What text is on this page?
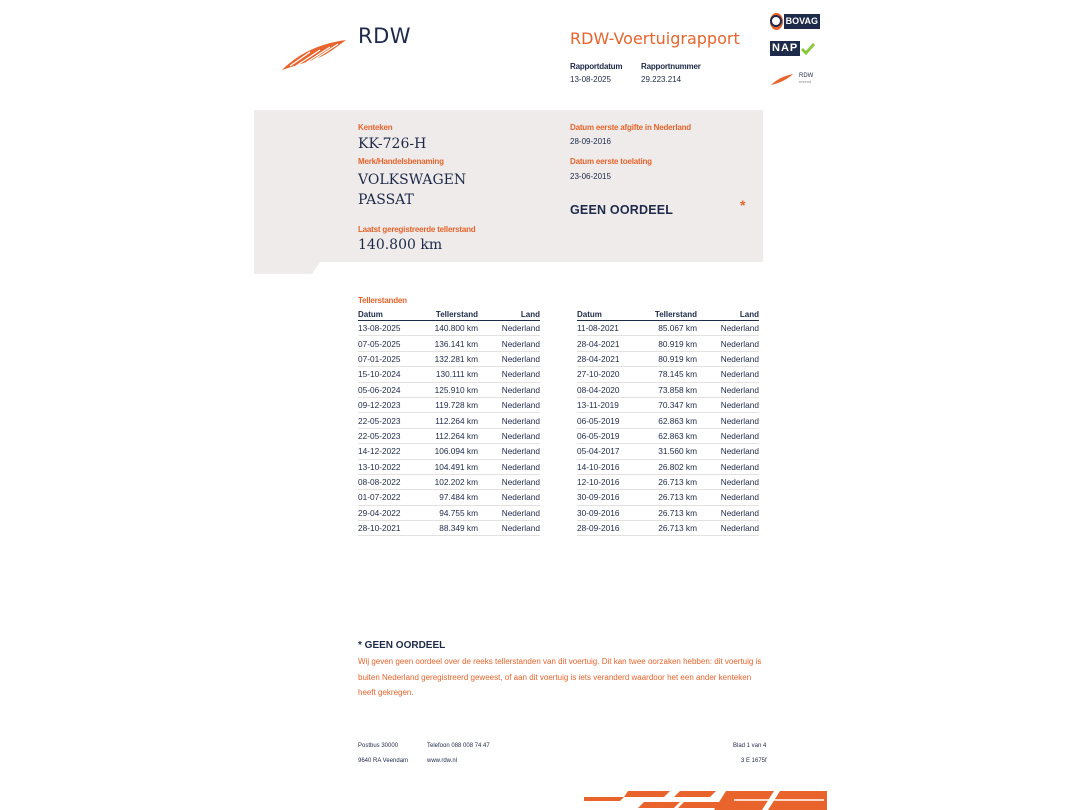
RDW	RDW-Voertuigrapport
Rapportdatum
13-08-2025
Rapportnummer
29.223.214
BOVAG
NAP
RDW
erkend
Kenteken
KK-726-H
Merk/Handelsbenaming
VOLKSWAGEN
PASSAT
Laatst geregistreerde tellerstand
140.800 km
Datum eerste afgifte in Nederland
28-09-2016
Datum eerste toelating
23-06-2015
GEEN OORDEEL	*
Tellerstanden
Datum	Tellerstand	Land
13-08-2025	140.800 km	Nederland
07-05-2025	136.141 km	Nederland
07-01-2025	132.281 km	Nederland
15-10-2024	130.111 km	Nederland
05-06-2024	125.910 km	Nederland
09-12-2023	119.728 km	Nederland
22-05-2023	112.264 km	Nederland
22-05-2023	112.264 km	Nederland
14-12-2022	106.094 km	Nederland
13-10-2022	104.491 km	Nederland
08-08-2022	102.202 km	Nederland
01-07-2022	97.484 km	Nederland
29-04-2022	94.755 km	Nederland
28-10-2021	88.349 km	Nederland
Datum	Tellerstand	Land
11-08-2021	85.067 km	Nederland
28-04-2021	80.919 km	Nederland
28-04-2021	80.919 km	Nederland
27-10-2020	78.145 km	Nederland
08-04-2020	73.858 km	Nederland
13-11-2019	70.347 km	Nederland
06-05-2019	62.863 km	Nederland
06-05-2019	62.863 km	Nederland
05-04-2017	31.560 km	Nederland
14-10-2016	26.802 km	Nederland
12-10-2016	26.713 km	Nederland
30-09-2016	26.713 km	Nederland
30-09-2016	26.713 km	Nederland
28-09-2016	26.713 km	Nederland
* GEEN OORDEEL
Wij geven geen oordeel over de reeks tellerstanden van dit voertuig. Dit kan twee oorzaken hebben: dit voertuig is buiten Nederland geregistreerd geweest, of aan dit voertuig is iets veranderd waardoor het een ander kenteken heeft gekregen.
Postbus 30000
9640 RA Veendam
Telefoon 088 008 74 47
www.rdw.nl
Blad 1 van 4
3 E 1675f
